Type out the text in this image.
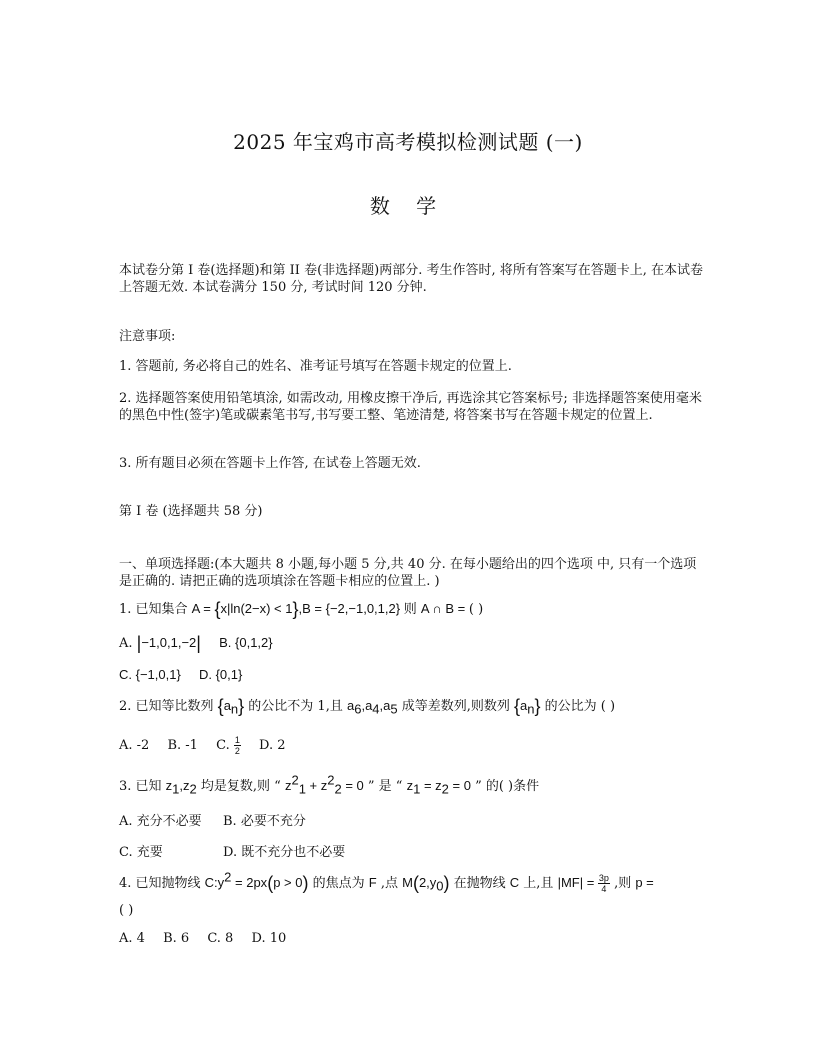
2025 年宝鸡市高考模拟检测试题 (一)
数 学
本试卷分第 I 卷(选择题)和第 II 卷(非选择题)两部分. 考生作答时, 将所有答案写在答题卡上, 在本试卷上答题无效. 本试卷满分 150 分, 考试时间 120 分钟.
注意事项:
1. 答题前, 务必将自己的姓名、准考证号填写在答题卡规定的位置上.
2. 选择题答案使用铅笔填涂, 如需改动, 用橡皮擦干净后, 再选涂其它答案标号; 非选择题答案使用毫米的黑色中性(签字)笔或碳素笔书写,书写要工整、笔迹清楚, 将答案书写在答题卡规定的位置上.
3. 所有题目必须在答题卡上作答, 在试卷上答题无效.
第 I 卷 (选择题共 58 分)
一、单项选择题:(本大题共 8 小题,每小题 5 分,共 40 分. 在每小题给出的四个选项 中, 只有一个选项是正确的. 请把正确的选项填涂在答题卡相应的位置上. )
1. 已知集合 A = {x|ln(2−x) < 1},B = {−2,−1,0,1,2} 则 A ∩ B = ( )
A. |−1,0,1,−2| B. {0,1,2}
C. {−1,0,1} D. {0,1}
2. 已知等比数列 $\{a_n\}$ 的公比不为 1,且 $a_6,a_4,a_5$ 成等差数列,则数列 $\{a_n\}$ 的公比为 ( )
A. -2 B. -1 C. $\frac{1}{2} D$. 2
3. 已知 $z_1,z_2$ 均是复数,则 “ $z^2_1 + z^2_2 = 0$ ” 是 “ $z_1 = z_2 = 0$ ” 的( )条件
A. 充分不必要 B. 必要不充分
C. 充要	D. 既不充分也不必要
4. 已知抛物线 $C:y^2 = 2px(p > 0)$ 的焦点为 F ,点 $M(2,y_0)$ 在抛物线 C 上,且 $|MF| = \frac{3p}{4}$ ,则 p =
( )
A. 4 B. 6 C. 8 D. 10
